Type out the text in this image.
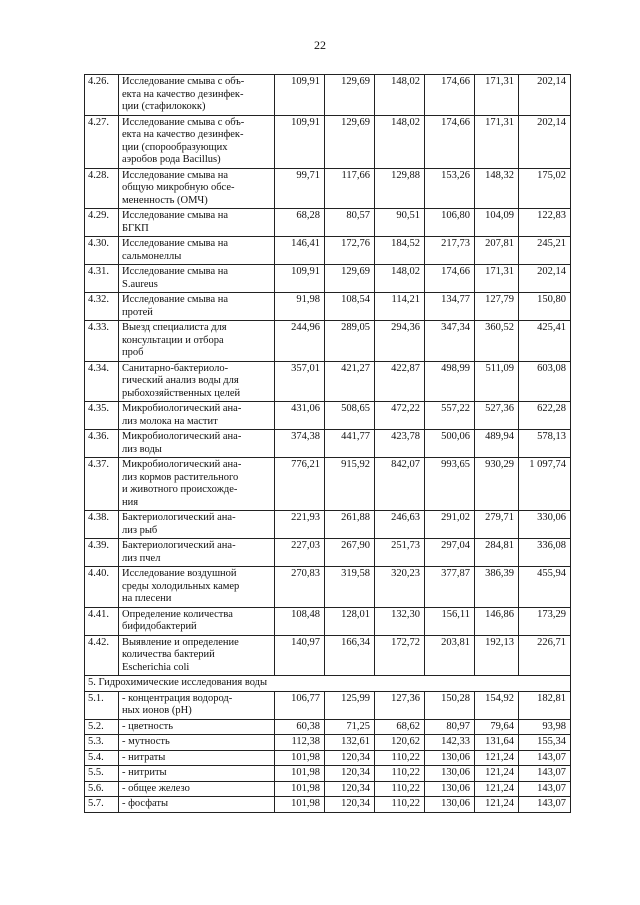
22
4.26.	Исследование смыва с объ-
екта на качество дезинфек-
ции (стафилококк)	109,91	129,69	148,02	174,66	171,31	202,14
4.27.	Исследование смыва с объ-
екта на качество дезинфек-
ции (спорообразующих
аэробов рода Bacillus)	109,91	129,69	148,02	174,66	171,31	202,14
4.28.	Исследование смыва на
общую микробную обсе-
мененность (ОМЧ)	99,71	117,66	129,88	153,26	148,32	175,02
4.29.	Исследование смыва на
БГКП	68,28	80,57	90,51	106,80	104,09	122,83
4.30.	Исследование смыва на
сальмонеллы	146,41	172,76	184,52	217,73	207,81	245,21
4.31.	Исследование смыва на
S.aureus	109,91	129,69	148,02	174,66	171,31	202,14
4.32.	Исследование смыва на
протей	91,98	108,54	114,21	134,77	127,79	150,80
4.33.	Выезд специалиста для
консультации и отбора
проб	244,96	289,05	294,36	347,34	360,52	425,41
4.34.	Санитарно-бактериоло-
гический анализ воды для
рыбохозяйственных целей	357,01	421,27	422,87	498,99	511,09	603,08
4.35.	Микробиологический ана-
лиз молока на мастит	431,06	508,65	472,22	557,22	527,36	622,28
4.36.	Микробиологический ана-
лиз воды	374,38	441,77	423,78	500,06	489,94	578,13
4.37.	Микробиологический ана-
лиз кормов растительного
и животного происхожде-
ния	776,21	915,92	842,07	993,65	930,29	1 097,74
4.38.	Бактериологический ана-
лиз рыб	221,93	261,88	246,63	291,02	279,71	330,06
4.39.	Бактериологический ана-
лиз пчел	227,03	267,90	251,73	297,04	284,81	336,08
4.40.	Исследование воздушной
среды холодильных камер
на плесени	270,83	319,58	320,23	377,87	386,39	455,94
4.41.	Определение количества
бифидобактерий	108,48	128,01	132,30	156,11	146,86	173,29
4.42.	Выявление и определение
количества бактерий
Escherichia coli	140,97	166,34	172,72	203,81	192,13	226,71
5. Гидрохимические исследования воды							
5.1.	- концентрация водород-
ных ионов (рН)	106,77	125,99	127,36	150,28	154,92	182,81
5.2.	- цветность	60,38	71,25	68,62	80,97	79,64	93,98
5.3.	- мутность	112,38	132,61	120,62	142,33	131,64	155,34
5.4.	- нитраты	101,98	120,34	110,22	130,06	121,24	143,07
5.5.	- нитриты	101,98	120,34	110,22	130,06	121,24	143,07
5.6.	- общее железо	101,98	120,34	110,22	130,06	121,24	143,07
5.7.	- фосфаты	101,98	120,34	110,22	130,06	121,24	143,07
